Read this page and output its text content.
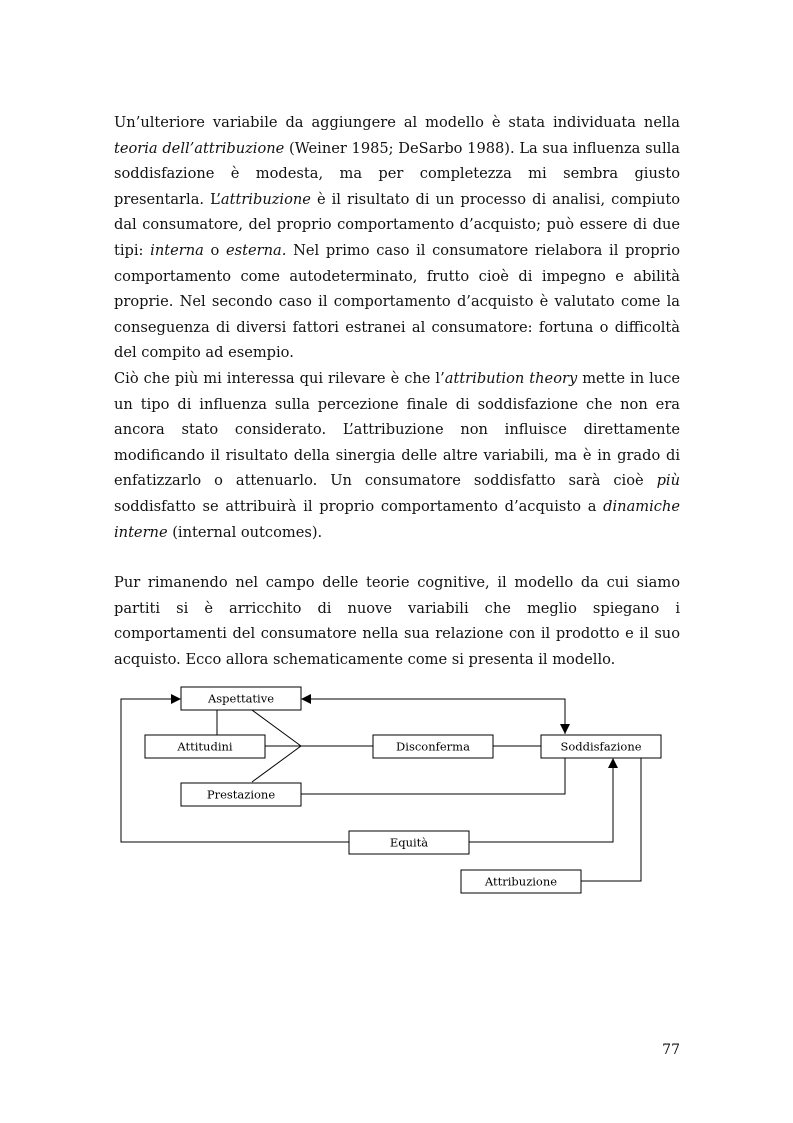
Un’ulteriore variabile da aggiungere al modello è stata individuata nella teoria dell’attribuzione (Weiner 1985; DeSarbo 1988). La sua influenza sulla soddisfazione è modesta, ma per completezza mi sembra giusto presentarla. L’attribuzione è il risultato di un processo di analisi, compiuto dal consumatore, del proprio comportamento d’acquisto; può essere di due tipi: interna o esterna. Nel primo caso il consumatore rielabora il proprio comportamento come autodeterminato, frutto cioè di impegno e abilità proprie. Nel secondo caso il comportamento d’acquisto è valutato come la conseguenza di diversi fattori estranei al consumatore: fortuna o difficoltà del compito ad esempio.

Ciò che più mi interessa qui rilevare è che l’attribution theory mette in luce un tipo di influenza sulla percezione finale di soddisfazione che non era ancora stato considerato. L’attribuzione non influisce direttamente modificando il risultato della sinergia delle altre variabili, ma è in grado di enfatizzarlo o attenuarlo. Un consumatore soddisfatto sarà cioè più soddisfatto se attribuirà il proprio comportamento d’acquisto a dinamiche interne (internal outcomes).

Pur rimanendo nel campo delle teorie cognitive, il modello da cui siamo partiti si è arricchito di nuove variabili che meglio spiegano i comportamenti del consumatore nella sua relazione con il prodotto e il suo acquisto. Ecco allora schematicamente come si presenta il modello.

Aspettative
Attitudini
Prestazione
Disconferma	Soddisfazione
Equità
Attribuzione
77
